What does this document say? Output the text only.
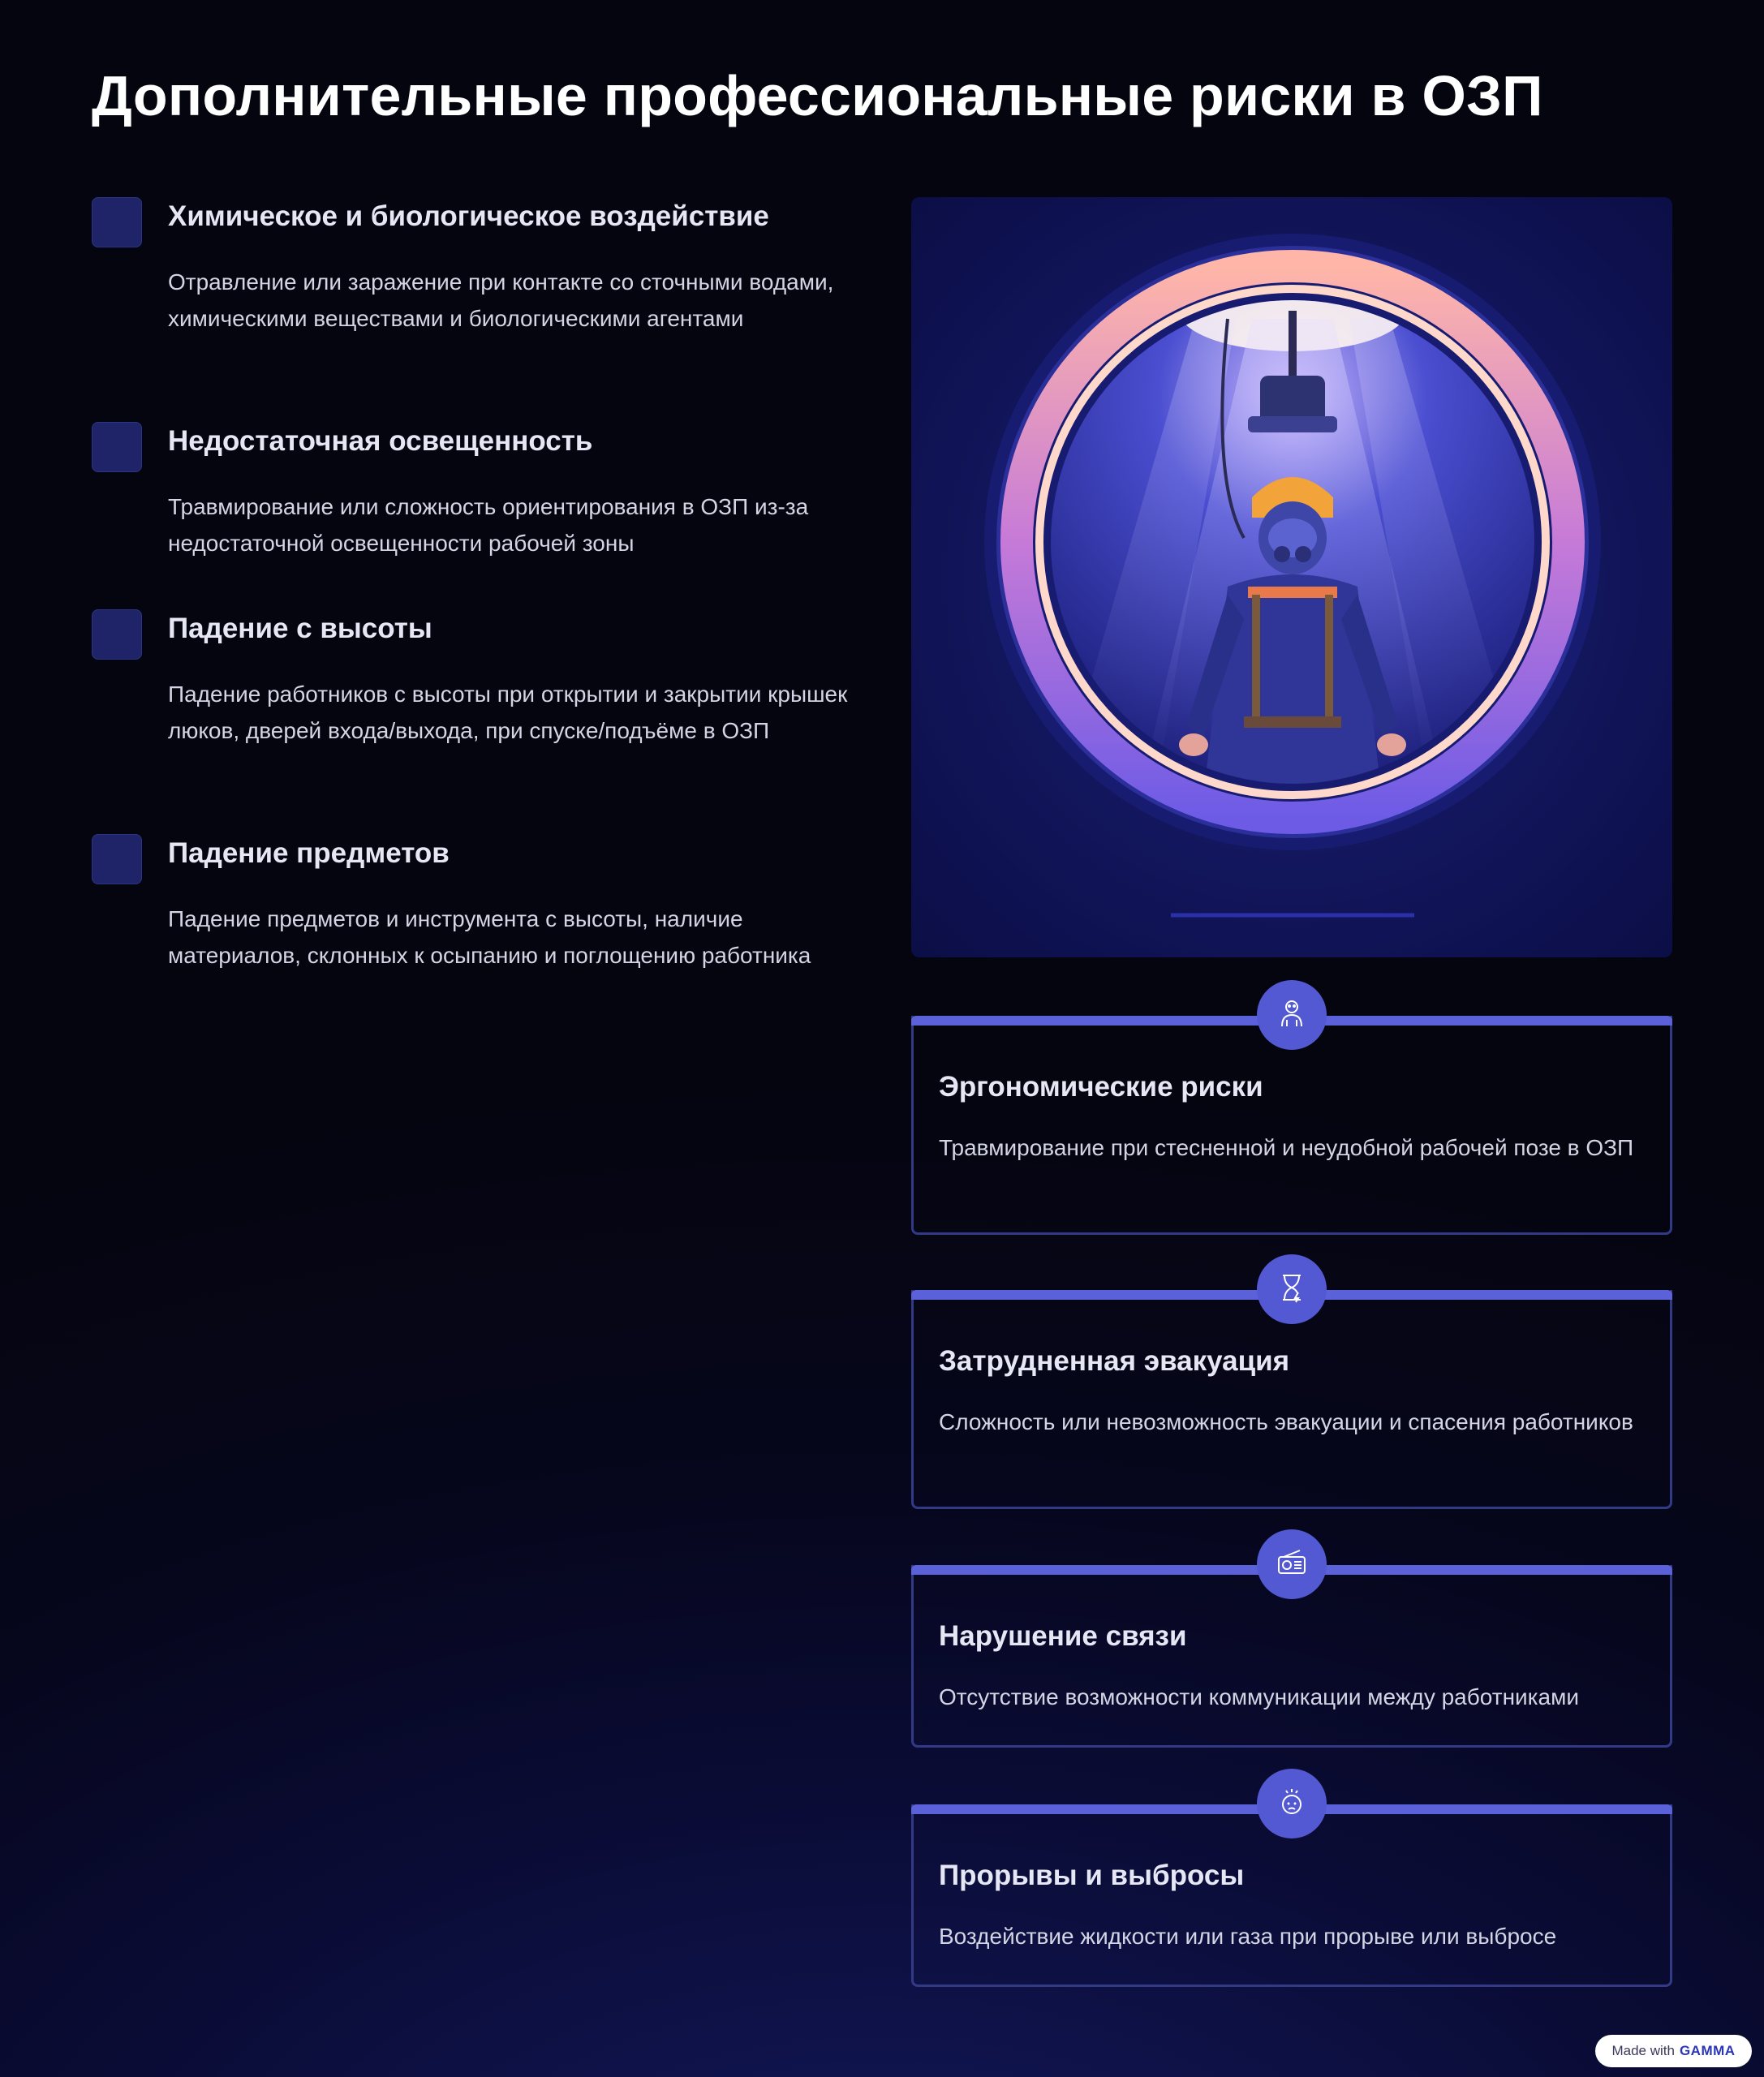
Дополнительные профессиональные риски в ОЗП
Химическое и биологическое воздействие

Отравление или заражение при контакте со сточными водами, химическими веществами и биологическими агентами

Недостаточная освещенность

Травмирование или сложность ориентирования в ОЗП из-за недостаточной освещенности рабочей зоны

Падение с высоты

Падение работников с высоты при открытии и закрытии крышек люков, дверей входа/выхода, при спуске/подъёме в ОЗП

Падение предметов

Падение предметов и инструмента с высоты, наличие материалов, склонных к осыпанию и поглощению работника

Эргономические риски

Травмирование при стесненной и неудобной рабочей позе в ОЗП

Затрудненная эвакуация

Сложность или невозможность эвакуации и спасения работников

Нарушение связи

Отсутствие возможности коммуникации между работниками

Прорывы и выбросы

Воздействие жидкости или газа при прорыве или выбросе

Made with GAMMA
